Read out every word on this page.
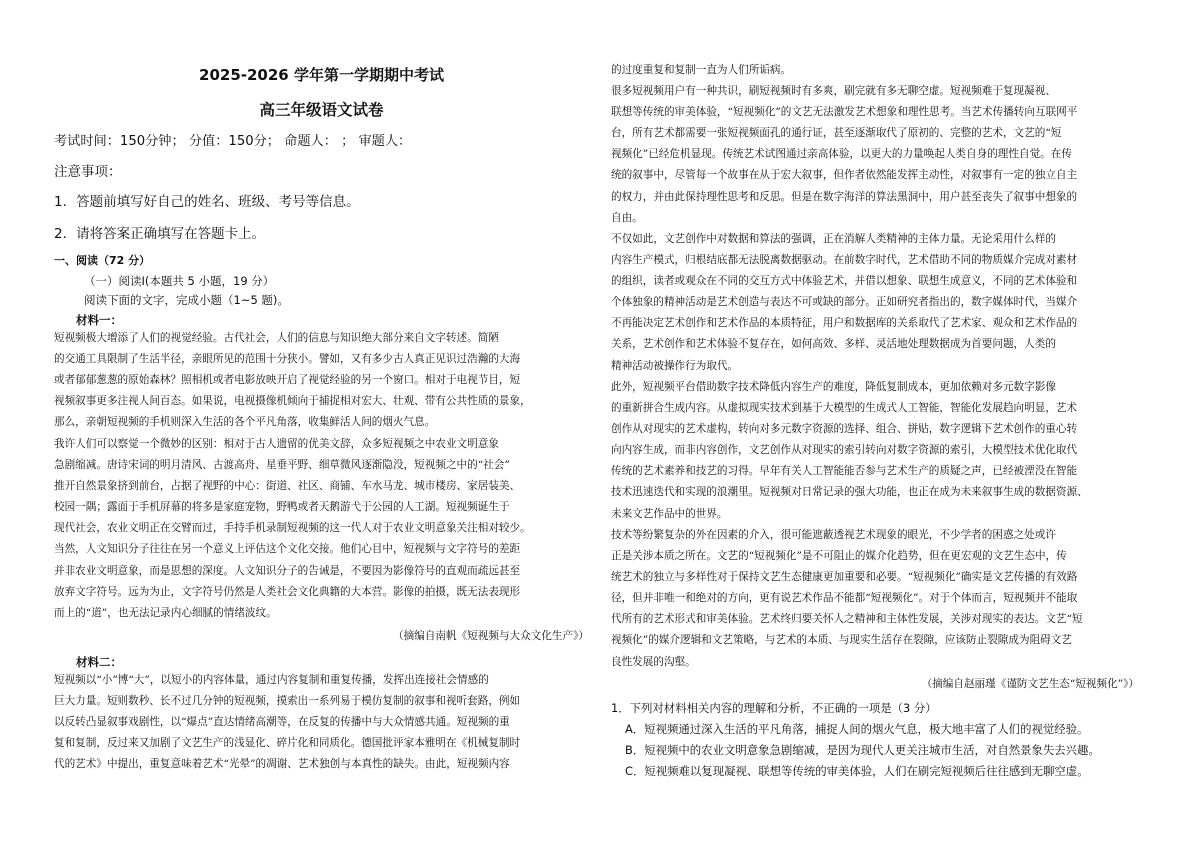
2025-2026 学年第一学期期中考试
高三年级语文试卷
考试时间：150分钟； 分值：150分； 命题人： ； 审题人：
注意事项：
1．答题前填写好自己的姓名、班级、考号等信息。
2．请将答案正确填写在答题卡上。
一、阅读（72 分）
（一）阅读Ⅰ(本题共 5 小题，19 分）
阅读下面的文字，完成小题（1~5 题)。
材料一：
短视频极大增添了人们的视觉经验。古代社会，人们的信息与知识绝大部分来自文字转述。简陋
的交通工具限制了生活半径，亲眼所见的范围十分狭小。譬如，又有多少古人真正见识过浩瀚的大海
或者郁郁葱葱的原始森林？照相机或者电影放映开启了视觉经验的另一个窗口。相对于电视节目，短
视频叙事更多注视人间百态。如果说，电视摄像机倾向于捕捉相对宏大、壮观、带有公共性质的景象，
那么，亲朝短视频的手机则深入生活的各个平凡角落，收集鲜活人间的烟火气息。
我许人们可以察觉一个微妙的区别：相对于古人遗留的优美文辞，众多短视频之中农业文明意象
急剧缩减。唐诗宋词的明月清风、古渡高舟、星垂平野、细草微风逐渐隐没，短视频之中的“社会”
推开自然景象挤到前台，占据了视野的中心：街道、社区、商铺、车水马龙、城市楼房、家居装美、
校园一隅；露面于手机屏幕的将多是家庭宠物，野鸭或者天鹅游弋于公园的人工湖。短视频诞生于
现代社会，农业文明正在交臂而过，手持手机录制短视频的这一代人对于农业文明意象关注相对较少。
当然，人文知识分子往往在另一个意义上评估这个文化交接。他们心目中，短视频与文字符号的差距
并非农业文明意象，而是思想的深度。人文知识分子的告诫是，不要因为影像符号的直观而疏远甚至
放弃文字符号。远为为止，文字符号仍然是人类社会文化典籍的大本营。影像的拍摄，既无法表现形
而上的“道”，也无法记录内心细腻的情绪波纹。
（摘编自南帆《短视频与大众文化生产》）
材料二：
短视频以“小”博“大”，以短小的内容体量，通过内容复制和重复传播，发挥出连接社会情感的
巨大力量。短则数秒、长不过几分钟的短视频，摸索出一系列易于模仿复制的叙事和视听套路，例如
以反转凸显叙事戏剧性，以“爆点”直达情绪高潮等，在反复的传播中与大众情感共通。短视频的重
复和复制，反过来又加剧了文艺生产的浅显化、碎片化和同质化。德国批评家本雅明在《机械复制时
代的艺术》中提出，重复意味着艺术“光晕”的凋谢、艺术独创与本真性的缺失。由此，短视频内容
的过度重复和复制一直为人们所诟病。
很多短视频用户有一种共识，刷短视频时有多爽，刷完就有多无聊空虚。短视频难于复现凝视、
联想等传统的审美体验，“短视频化”的文艺无法激发艺术想象和理性思考。当艺术传播转向互联网平
台，所有艺术都需要一张短视频面孔的通行证，甚至逐渐取代了原初的、完整的艺术，文艺的“短
视频化”已经危机显现。传统艺术试图通过亲高体验，以更大的力量唤起人类自身的理性自觉。在传
统的叙事中，尽管每一个故事在从于宏大叙事，但作者依然能发挥主动性，对叙事有一定的独立自主
的权力，并由此保持理性思考和反思。但是在数字海洋的算法黑洞中，用户甚至丧失了叙事中想象的
自由。
不仅如此，文艺创作中对数据和算法的强调，正在消解人类精神的主体力量。无论采用什么样的
内容生产模式，归根结底都无法脱离数据驱动。在前数字时代，艺术借助不同的物质媒介完成对素材
的组织，读者或观众在不同的交互方式中体验艺术，并借以想象、联想生成意义，不同的艺术体验和
个体独象的精神活动是艺术创造与表达不可或缺的部分。正如研究者指出的，数字媒体时代，当媒介
不再能决定艺术创作和艺术作品的本质特征，用户和数据库的关系取代了艺术家、观众和艺术作品的
关系，艺术创作和艺术体验不复存在，如何高效、多样、灵活地处理数据成为首要问题，人类的
精神活动被操作行为取代。
此外，短视频平台借助数字技术降低内容生产的难度，降低复制成本，更加依赖对多元数字影像
的重新拼合生成内容。从虚拟现实技术到基于大模型的生成式人工智能，智能化发展趋向明显，艺术
创作从对现实的艺术虚构，转向对多元数字资源的选择、组合、拼贴，数字逻辑下艺术创作的重心转
向内容生成，而非内容创作，文艺创作从对现实的索引转向对数字资源的索引，大模型技术优化取代
传统的艺术素养和技艺的习得。早年有关人工智能能否参与艺术生产的质疑之声，已经被湮没在智能
技术迅速迭代和实现的浪潮里。短视频对日常记录的强大功能，也正在成为未来叙事生成的数据资源、
未来文艺作品中的世界。
技术等纷繁复杂的外在因素的介入，很可能遮蔽透视艺术现象的眼光，不少学者的困惑之处或许
正是关涉本质之所在。文艺的“短视频化”是不可阻止的媒介化趋势，但在更宏观的文艺生态中，传
统艺术的独立与多样性对于保持文艺生态健康更加重要和必要。“短视频化”确实是文艺传播的有效路
径，但并非唯一和绝对的方向，更有说艺术作品不能都“短视频化”。对于个体而言，短视频并不能取
代所有的艺术形式和审美体验。艺术终归要关怀人之精神和主体性发展，关涉对现实的表达。文艺“短
视频化”的媒介逻辑和文艺策略，与艺术的本质、与现实生活存在裂隙，应该防止裂隙成为阻碍文艺
良性发展的沟壑。
（摘编自赵丽瑾《谨防文艺生态“短视频化”》）
1．下列对材料相关内容的理解和分析，不正确的一项是（3 分）
A．短视频通过深入生活的平凡角落，捕捉人间的烟火气息，极大地丰富了人们的视觉经验。
B．短视频中的农业文明意象急剧缩减，是因为现代人更关注城市生活，对自然景象失去兴趣。
C．短视频难以复现凝视、联想等传统的审美体验，人们在刷完短视频后往往感到无聊空虚。
